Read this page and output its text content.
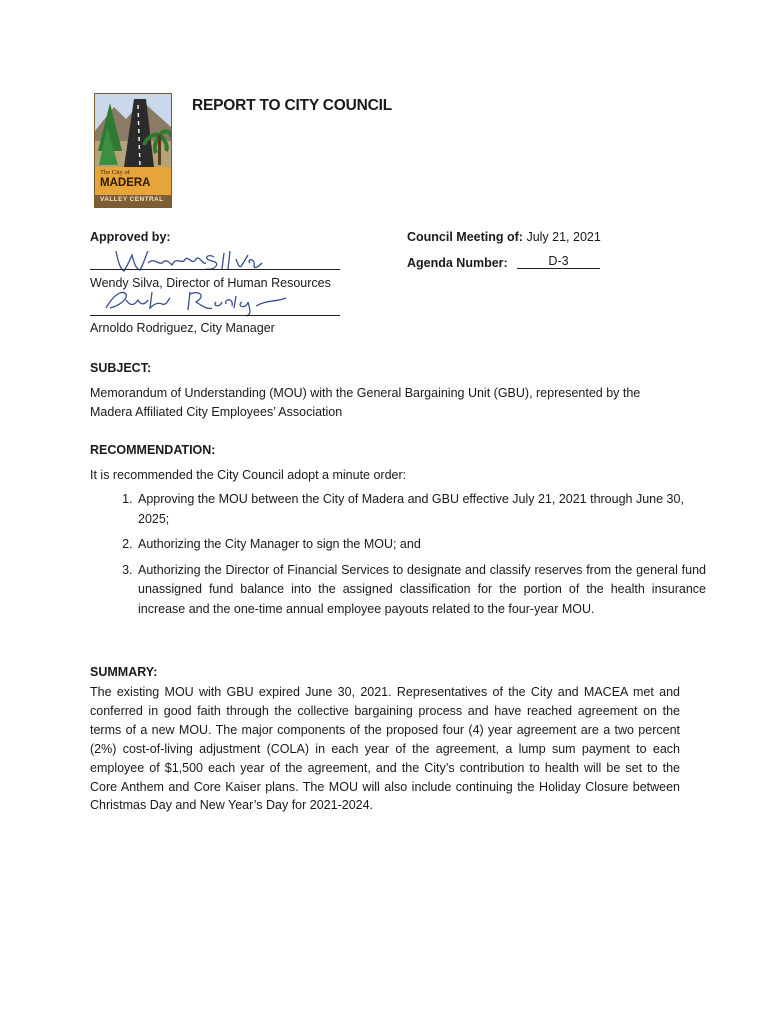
The City of
MADERA
VALLEY CENTRAL
REPORT TO CITY COUNCIL
Approved by:
Wendy Silva, Director of Human Resources
Arnoldo Rodriguez, City Manager
Council Meeting of: July 21, 2021
Agenda Number:	D-3
SUBJECT:
Memorandum of Understanding (MOU) with the General Bargaining Unit (GBU), represented by the Madera Affiliated City Employees’ Association
RECOMMENDATION:
It is recommended the City Council adopt a minute order:
1. Approving the MOU between the City of Madera and GBU effective July 21, 2021 through June 30, 2025;
2. Authorizing the City Manager to sign the MOU; and
3. Authorizing the Director of Financial Services to designate and classify reserves from the general fund unassigned fund balance into the assigned classification for the portion of the health insurance increase and the one-time annual employee payouts related to the four-year MOU.
SUMMARY:
The existing MOU with GBU expired June 30, 2021. Representatives of the City and MACEA met and conferred in good faith through the collective bargaining process and have reached agreement on the terms of a new MOU. The major components of the proposed four (4) year agreement are a two percent (2%) cost-of-living adjustment (COLA) in each year of the agreement, a lump sum payment to each employee of $1,500 each year of the agreement, and the City’s contribution to health will be set to the Core Anthem and Core Kaiser plans. The MOU will also include continuing the Holiday Closure between Christmas Day and New Year’s Day for 2021-2024.
